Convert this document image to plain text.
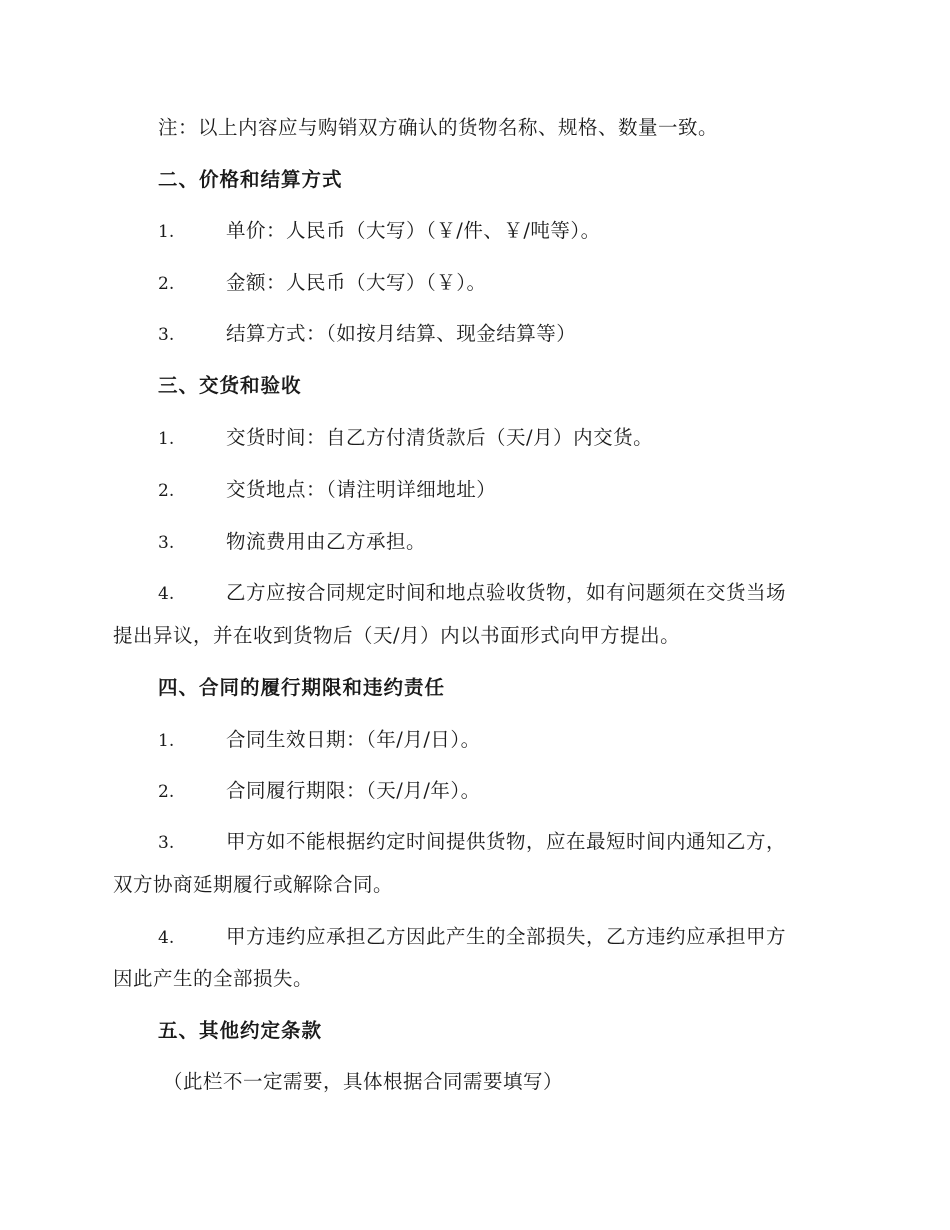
注：以上内容应与购销双方确认的货物名称、规格、数量一致。
二、价格和结算方式
1.	单价：人民币（大写）（￥/件、￥/吨等）。
2.	金额：人民币（大写）（￥）。
3.	结算方式：（如按月结算、现金结算等）
三、交货和验收
1.	交货时间：自乙方付清货款后（天/月）内交货。
2.	交货地点：（请注明详细地址）
3.	物流费用由乙方承担。
4.	乙方应按合同规定时间和地点验收货物，如有问题须在交货当场
提出异议，并在收到货物后（天/月）内以书面形式向甲方提出。
四、合同的履行期限和违约责任
1.	合同生效日期：（年/月/日）。
2.	合同履行期限：（天/月/年）。
3.	甲方如不能根据约定时间提供货物，应在最短时间内通知乙方，
双方协商延期履行或解除合同。
4.	甲方违约应承担乙方因此产生的全部损失，乙方违约应承担甲方
因此产生的全部损失。
五、其他约定条款
（此栏不一定需要，具体根据合同需要填写）
